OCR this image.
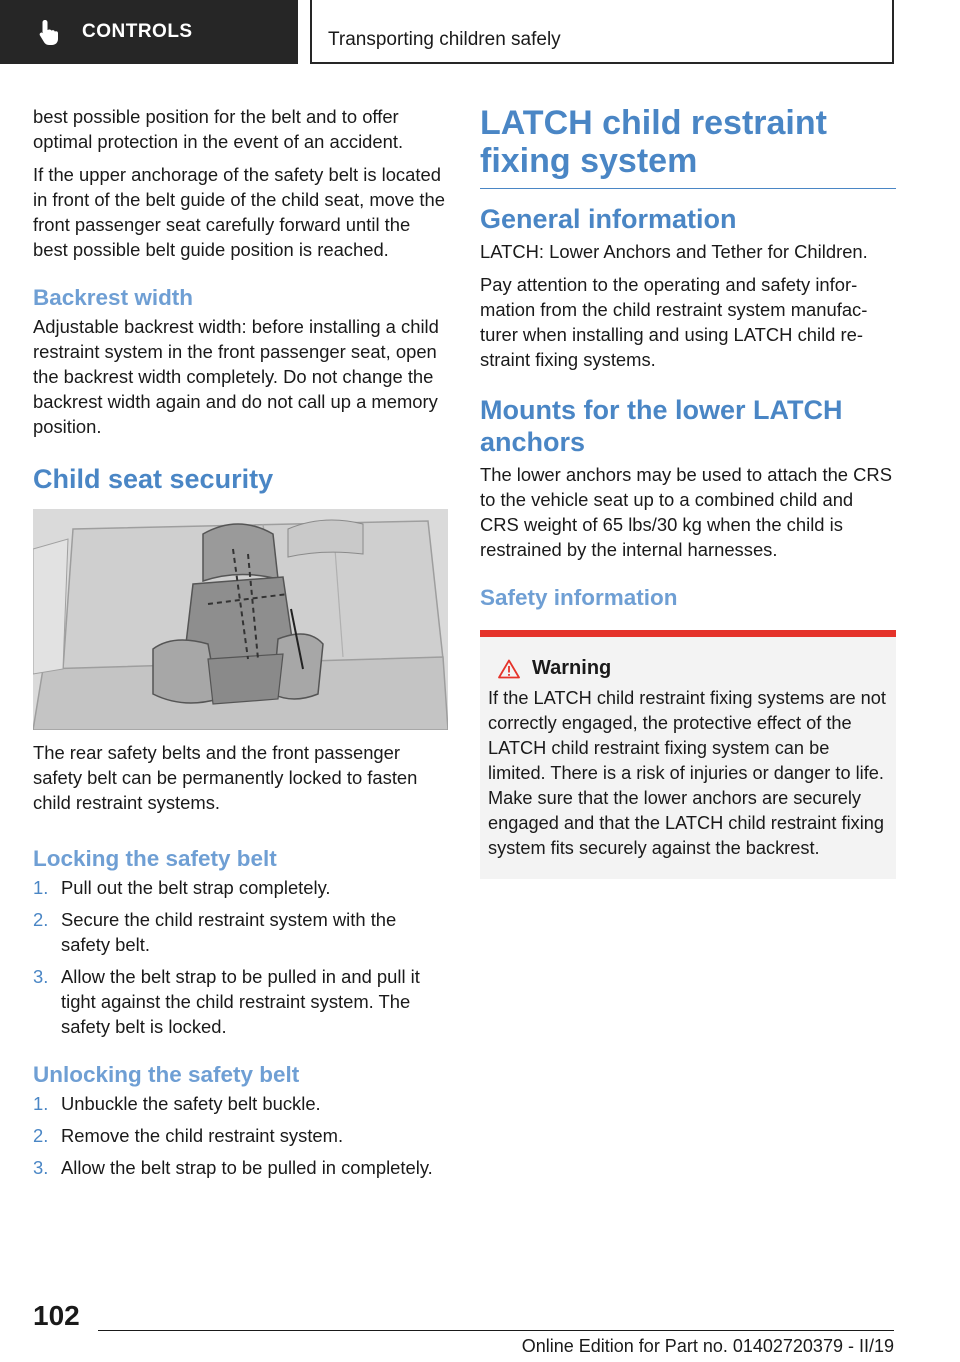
CONTROLS	Transporting children safely

best possible position for the belt and to offer optimal protection in the event of an accident.

If the upper anchorage of the safety belt is located in front of the belt guide of the child seat, move the front passenger seat carefully forward until the best possible belt guide position is reached.

Backrest width

Adjustable backrest width: before installing a child restraint system in the front passenger seat, open the backrest width completely. Do not change the backrest width again and do not call up a memory position.

Child seat security

The rear safety belts and the front passenger safety belt can be permanently locked to fasten child restraint systems.

Locking the safety belt
1. Pull out the belt strap completely.
2. Secure the child restraint system with the safety belt.
3. Allow the belt strap to be pulled in and pull it tight against the child restraint system. The safety belt is locked.
Unlocking the safety belt
1. Unbuckle the safety belt buckle.
2. Remove the child restraint system.
3. Allow the belt strap to be pulled in completely.
LATCH child restraint fixing system
General information

LATCH: Lower Anchors and Tether for Children.

Pay attention to the operating and safety information from the child restraint system manufacturer when installing and using LATCH child restraint fixing systems.

Mounts for the lower LATCH anchors

The lower anchors may be used to attach the CRS to the vehicle seat up to a combined child and CRS weight of 65 lbs/30 kg when the child is restrained by the internal harnesses.

Safety information
Warning

If the LATCH child restraint fixing systems are not correctly engaged, the protective effect of the LATCH child restraint fixing system can be limited. There is a risk of injuries or danger to life. Make sure that the lower anchors are securely engaged and that the LATCH child restraint fixing system fits securely against the backrest.

102
Online Edition for Part no. 01402720379 - II/19
